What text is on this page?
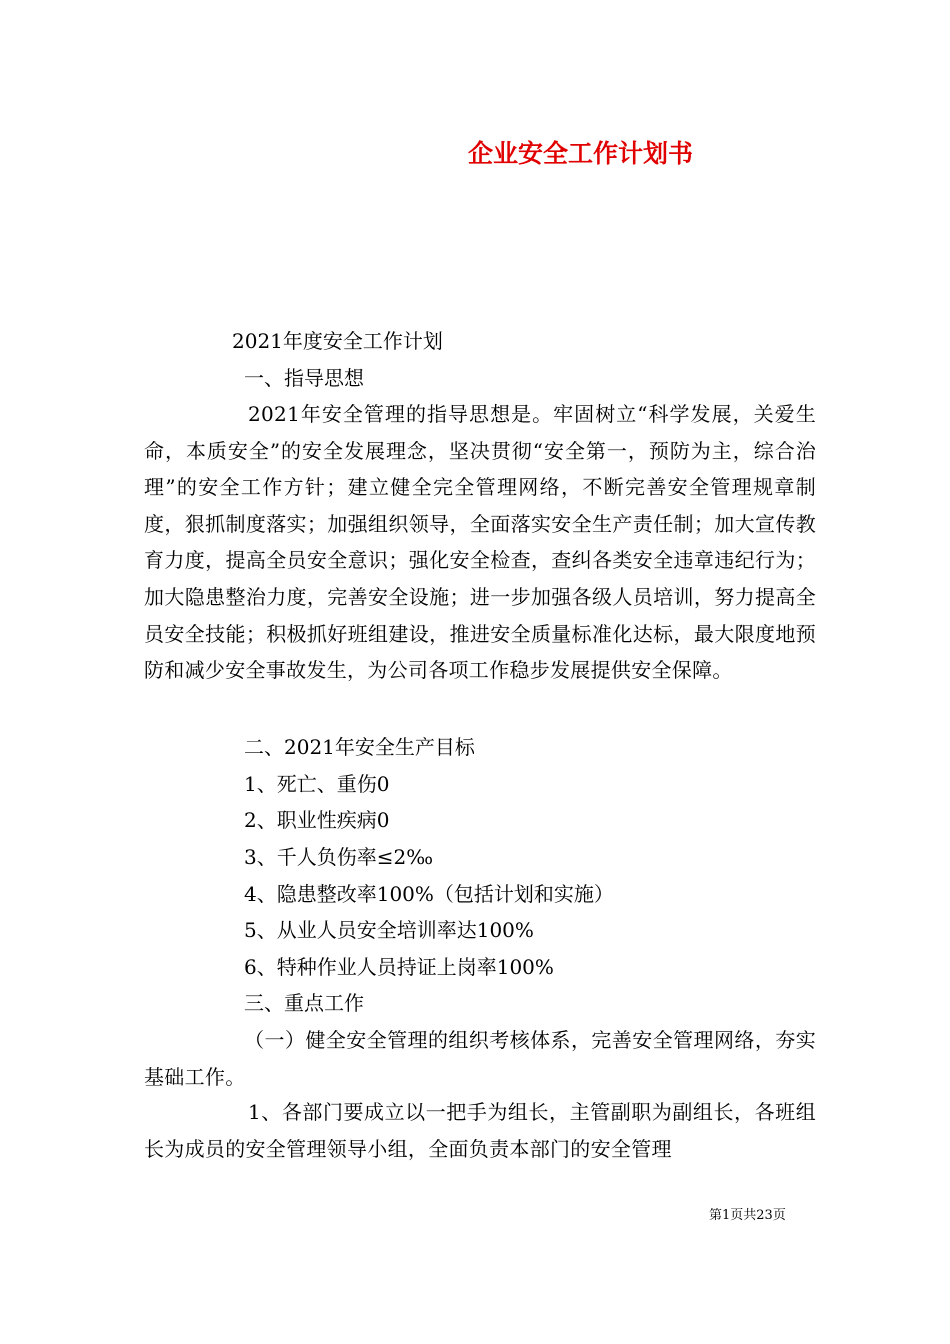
企业安全工作计划书
2021年度安全工作计划
一、指导思想
2021年安全管理的指导思想是。牢固树立“科学发展，关爱生命，本质安全”的安全发展理念，坚决贯彻“安全第一，预防为主，综合治理”的安全工作方针；建立健全完全管理网络，不断完善安全管理规章制度，狠抓制度落实；加强组织领导，全面落实安全生产责任制；加大宣传教育力度，提高全员安全意识；强化安全检查，查纠各类安全违章违纪行为；加大隐患整治力度，完善安全设施；进一步加强各级人员培训，努力提高全员安全技能；积极抓好班组建设，推进安全质量标准化达标，最大限度地预防和减少安全事故发生，为公司各项工作稳步发展提供安全保障。
二、2021年安全生产目标
1、死亡、重伤0
2、职业性疾病0
3、千人负伤率≤2‰
4、隐患整改率100%（包括计划和实施）
5、从业人员安全培训率达100%
6、特种作业人员持证上岗率100%
三、重点工作
（一）健全安全管理的组织考核体系，完善安全管理网络，夯实基础工作。
1、各部门要成立以一把手为组长，主管副职为副组长，各班组长为成员的安全管理领导小组，全面负责本部门的安全管理
第1页共23页
